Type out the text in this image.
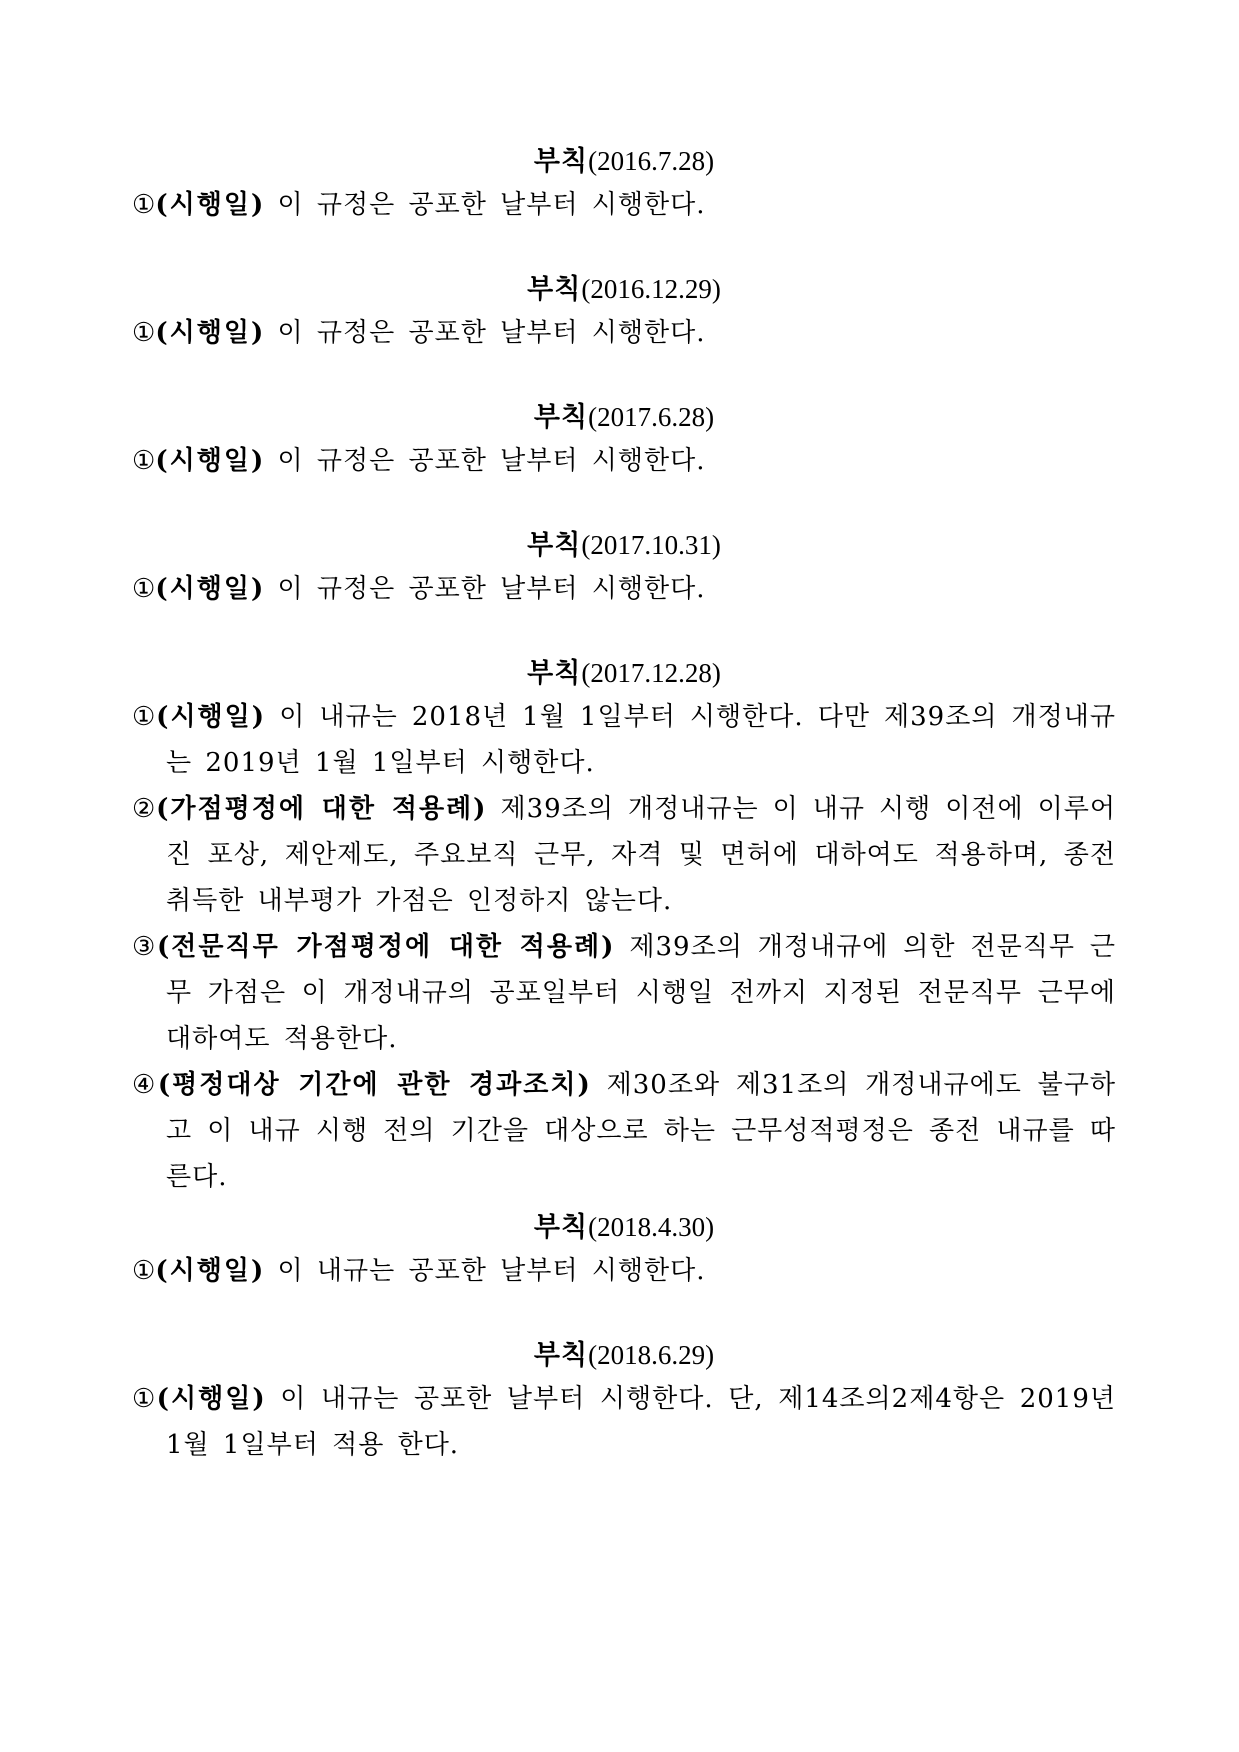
부칙(2016.7.28)
①(시행일) 이 규정은 공포한 날부터 시행한다.
부칙(2016.12.29)
①(시행일) 이 규정은 공포한 날부터 시행한다.
부칙(2017.6.28)
①(시행일) 이 규정은 공포한 날부터 시행한다.
부칙(2017.10.31)
①(시행일) 이 규정은 공포한 날부터 시행한다.
부칙(2017.12.28)
①(시행일) 이 내규는 2018년 1월 1일부터 시행한다. 다만 제39조의 개정내규는 2019년 1월 1일부터 시행한다.
②(가점평정에 대한 적용례) 제39조의 개정내규는 이 내규 시행 이전에 이루어진 포상, 제안제도, 주요보직 근무, 자격 및 면허에 대하여도 적용하며, 종전 취득한 내부평가 가점은 인정하지 않는다.
③(전문직무 가점평정에 대한 적용례) 제39조의 개정내규에 의한 전문직무 근무 가점은 이 개정내규의 공포일부터 시행일 전까지 지정된 전문직무 근무에 대하여도 적용한다.
④(평정대상 기간에 관한 경과조치) 제30조와 제31조의 개정내규에도 불구하고 이 내규 시행 전의 기간을 대상으로 하는 근무성적평정은 종전 내규를 따른다.
부칙(2018.4.30)
①(시행일) 이 내규는 공포한 날부터 시행한다.
부칙(2018.6.29)
①(시행일) 이 내규는 공포한 날부터 시행한다. 단, 제14조의2제4항은 2019년 1월 1일부터 적용 한다.
